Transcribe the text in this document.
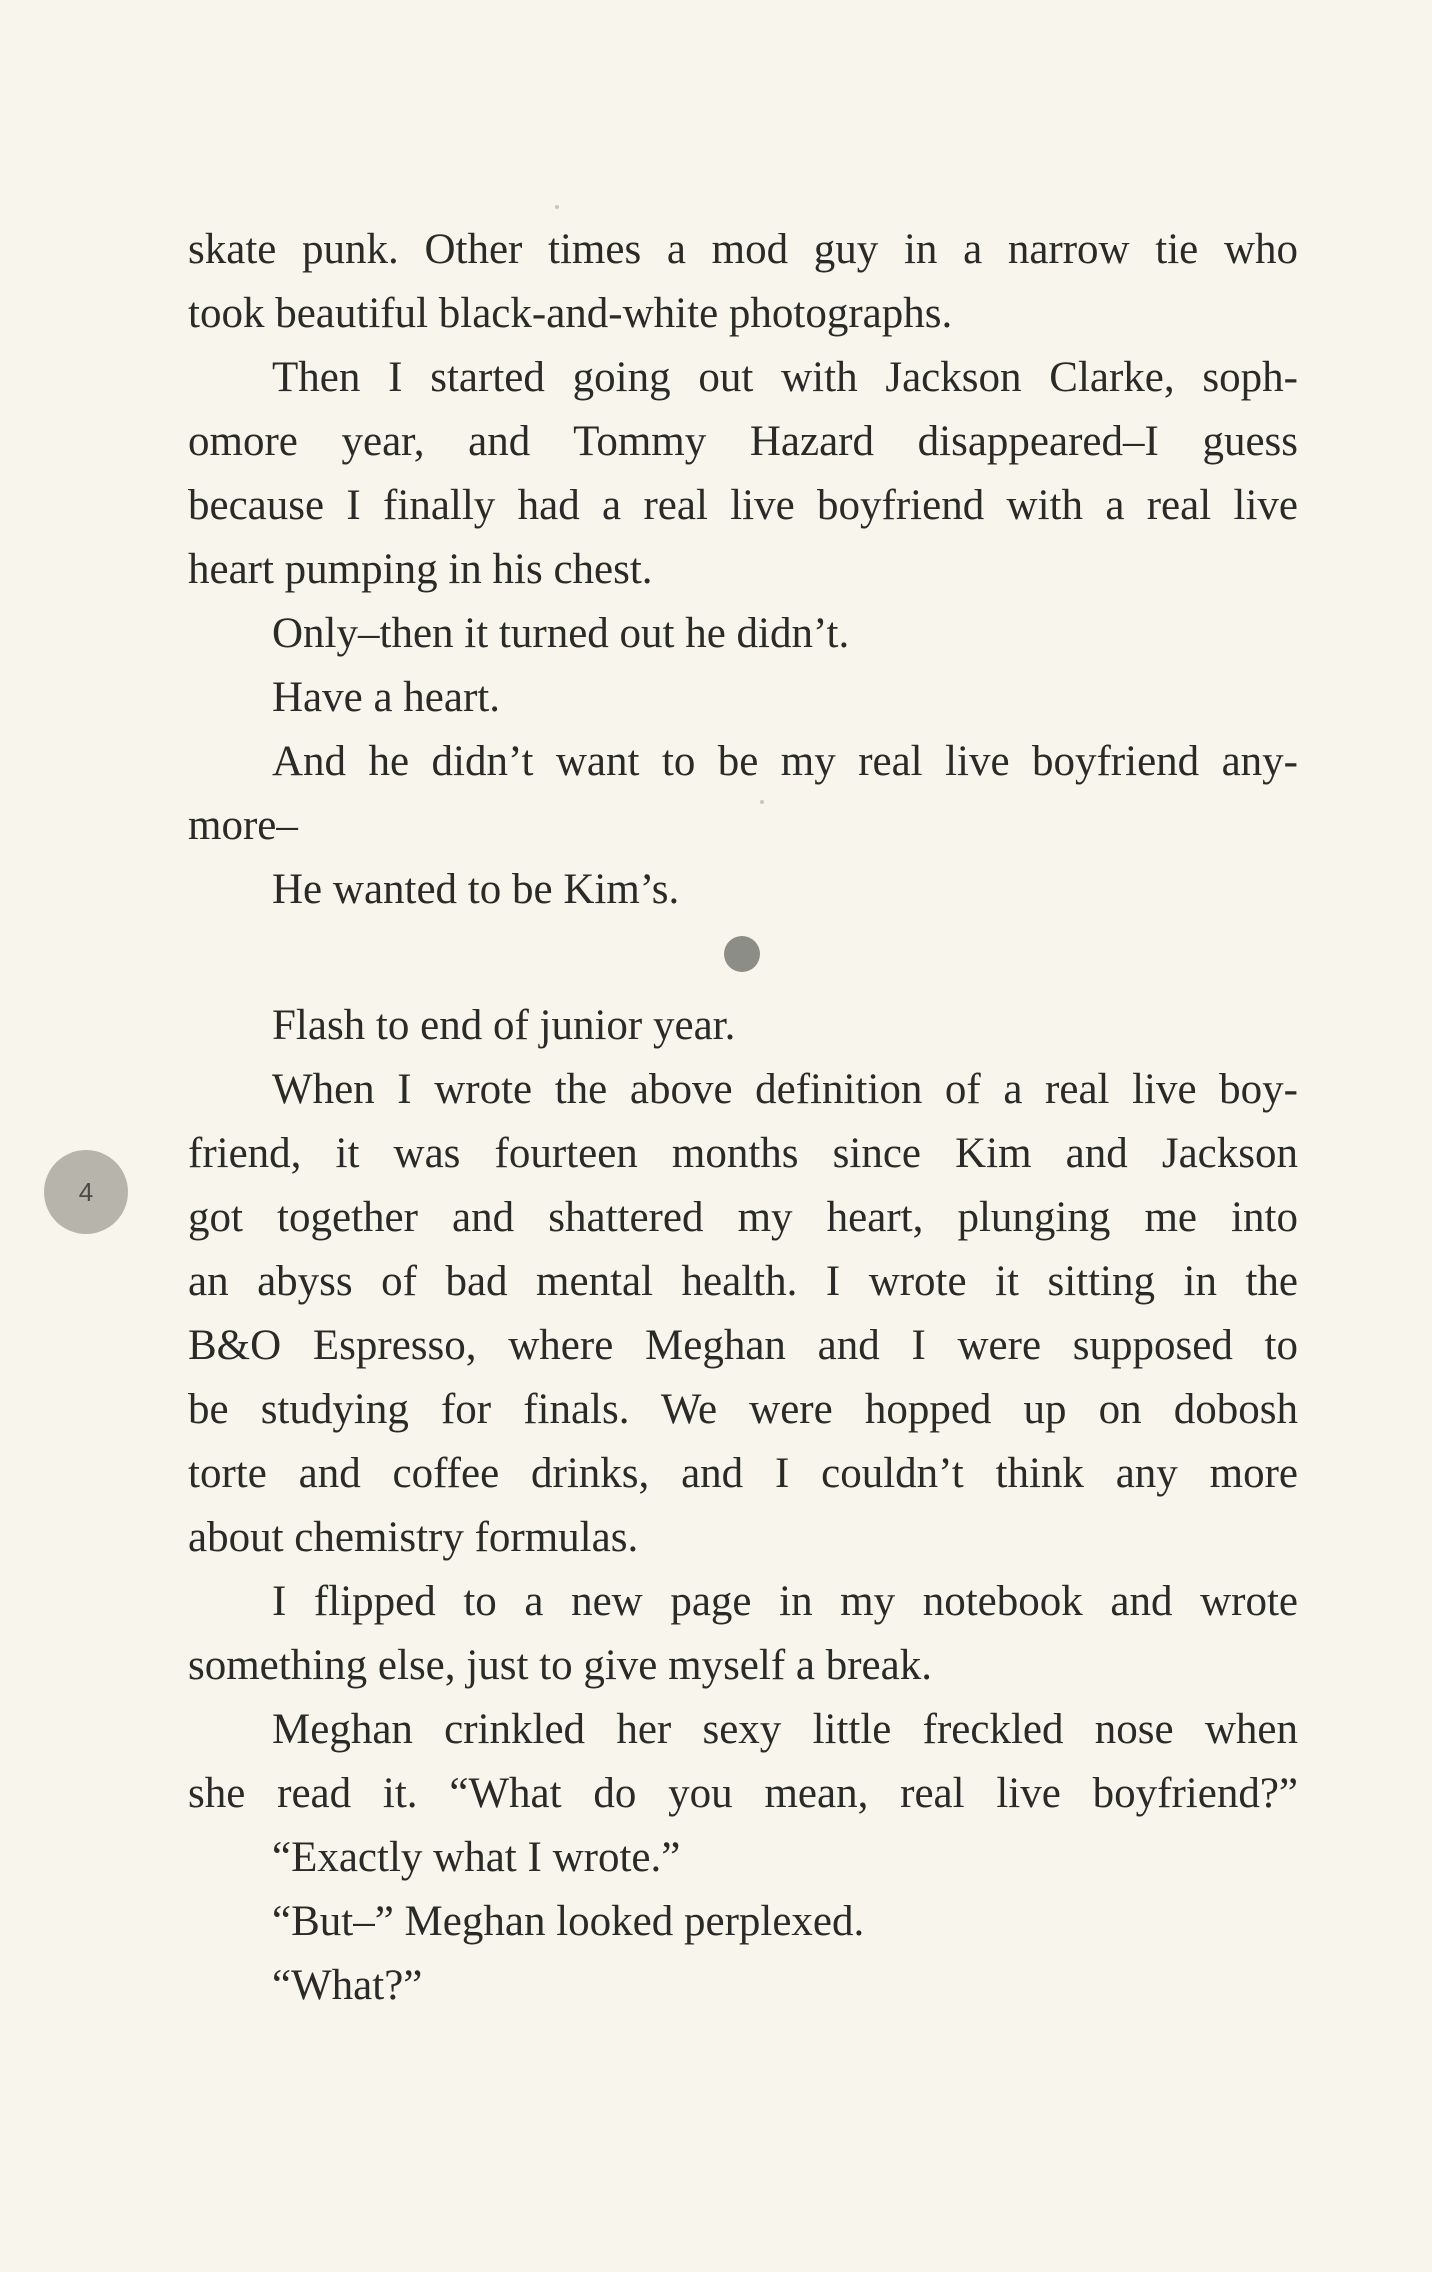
skate punk. Other times a mod guy in a narrow tie who
took beautiful black-and-white photographs.
Then I started going out with Jackson Clarke, soph-
omore year, and Tommy Hazard disappeared–I guess
because I finally had a real live boyfriend with a real live
heart pumping in his chest.
Only–then it turned out he didn’t.
Have a heart.
And he didn’t want to be my real live boyfriend any-
more–
He wanted to be Kim’s.
Flash to end of junior year.
When I wrote the above definition of a real live boy-
friend, it was fourteen months since Kim and Jackson
got together and shattered my heart, plunging me into
an abyss of bad mental health. I wrote it sitting in the
B&O Espresso, where Meghan and I were supposed to
be studying for finals. We were hopped up on dobosh
torte and coffee drinks, and I couldn’t think any more
about chemistry formulas.
I flipped to a new page in my notebook and wrote
something else, just to give myself a break.
Meghan crinkled her sexy little freckled nose when
she read it. “What do you mean, real live boyfriend?”
“Exactly what I wrote.”
“But–” Meghan looked perplexed.
“What?”
4
